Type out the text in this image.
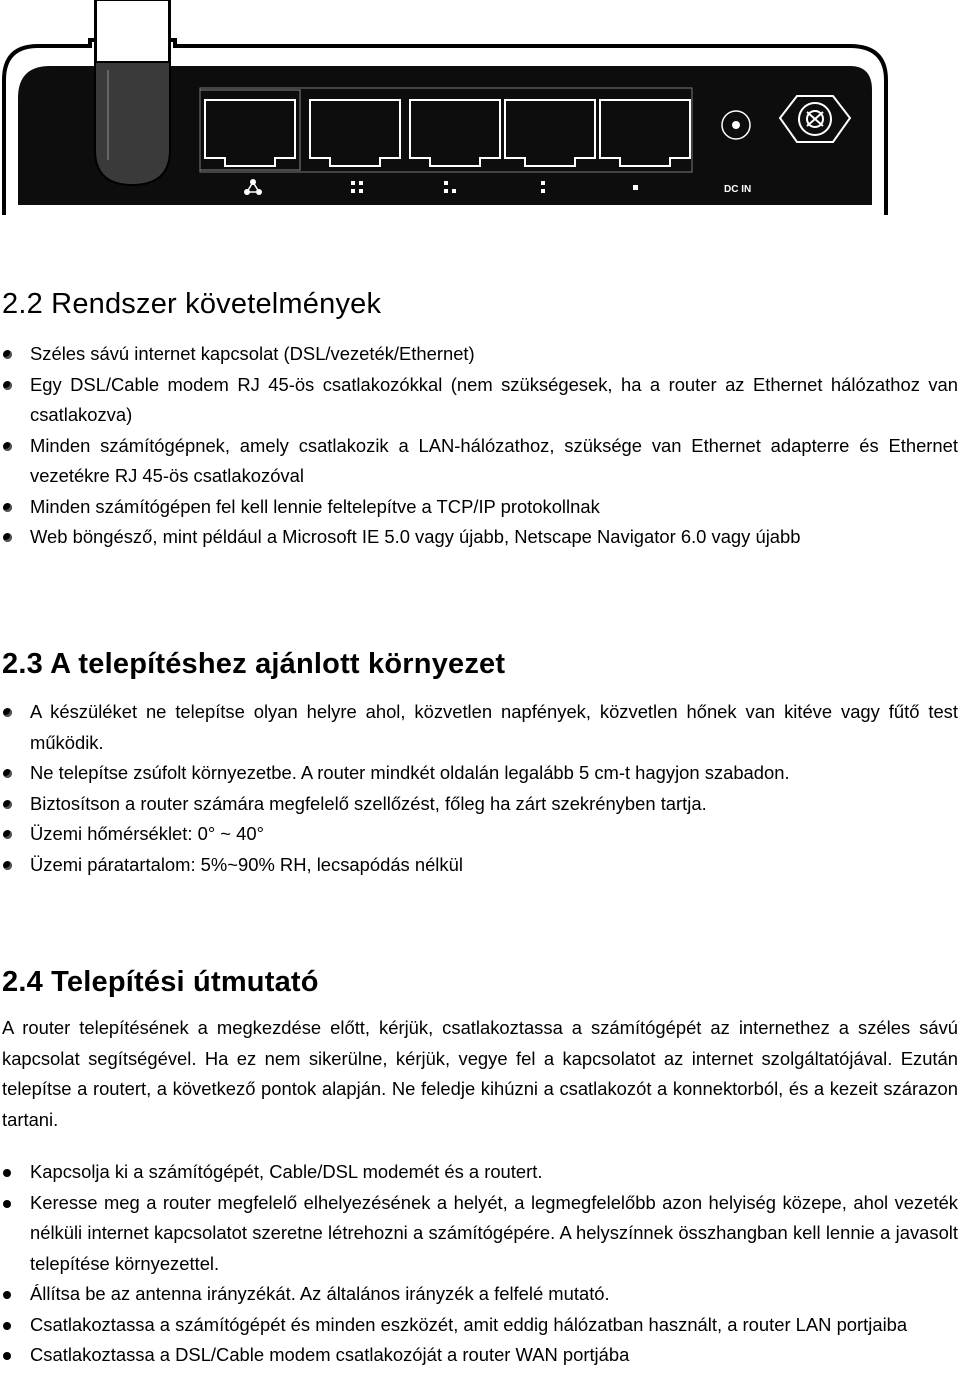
DC IN
2.2 Rendszer követelmények
Széles sávú internet kapcsolat (DSL/vezeték/Ethernet)
Egy DSL/Cable modem RJ 45-ös csatlakozókkal (nem szükségesek, ha a router az Ethernet hálózathoz van csatlakozva)
Minden számítógépnek, amely csatlakozik a LAN-hálózathoz, szüksége van Ethernet adapterre és Ethernet vezetékre RJ 45-ös csatlakozóval
Minden számítógépen fel kell lennie feltelepítve a TCP/IP protokollnak
Web böngésző, mint például a Microsoft IE 5.0 vagy újabb, Netscape Navigator 6.0 vagy újabb
2.3 A telepítéshez ajánlott környezet
A készüléket ne telepítse olyan helyre ahol, közvetlen napfények, közvetlen hőnek van kitéve vagy fűtő test működik.
Ne telepítse zsúfolt környezetbe. A router mindkét oldalán legalább 5 cm-t hagyjon szabadon.
Biztosítson a router számára megfelelő szellőzést, főleg ha zárt szekrényben tartja.
Üzemi hőmérséklet: 0° ~ 40°
Üzemi páratartalom: 5%~90% RH, lecsapódás nélkül
2.4 Telepítési útmutató

A router telepítésének a megkezdése előtt, kérjük, csatlakoztassa a számítógépét az internethez a széles sávú kapcsolat segítségével. Ha ez nem sikerülne, kérjük, vegye fel a kapcsolatot az internet szolgáltatójával. Ezután telepítse a routert, a következő pontok alapján. Ne feledje kihúzni a csatlakozót a konnektorból, és a kezeit szárazon tartani.

Kapcsolja ki a számítógépét, Cable/DSL modemét és a routert.
Keresse meg a router megfelelő elhelyezésének a helyét, a legmegfelelőbb azon helyiség közepe, ahol vezeték nélküli internet kapcsolatot szeretne létrehozni a számítógépére. A helyszínnek összhangban kell lennie a javasolt telepítése környezettel.
Állítsa be az antenna irányzékát. Az általános irányzék a felfelé mutató.
Csatlakoztassa a számítógépét és minden eszközét, amit eddig hálózatban használt, a router LAN portjaiba
Csatlakoztassa a DSL/Cable modem csatlakozóját a router WAN portjába
